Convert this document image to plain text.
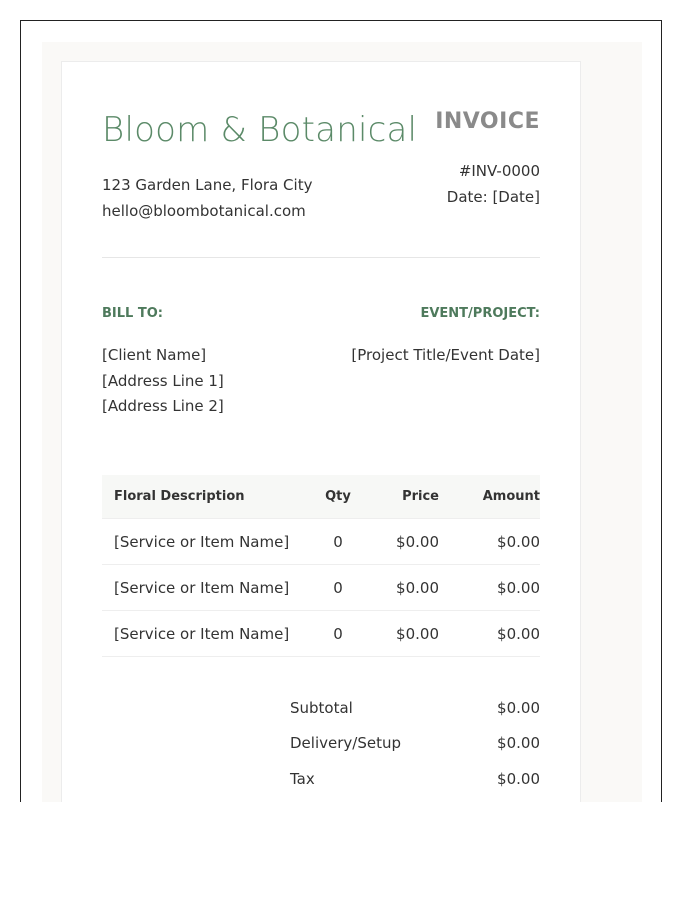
Bloom & Botanical
123 Garden Lane, Flora City
hello@bloombotanical.com
INVOICE
#INV-0000
Date: [Date]
BILL TO:	EVENT/PROJECT:
[Client Name]
[Address Line 1]
[Address Line 2]
[Project Title/Event Date]
Floral Description	Qty	Price	Amount
[Service or Item Name]	0	$0.00	$0.00
[Service or Item Name]	0	$0.00	$0.00
[Service or Item Name]	0	$0.00	$0.00
Subtotal	$0.00
Delivery/Setup	$0.00
Tax	$0.00
